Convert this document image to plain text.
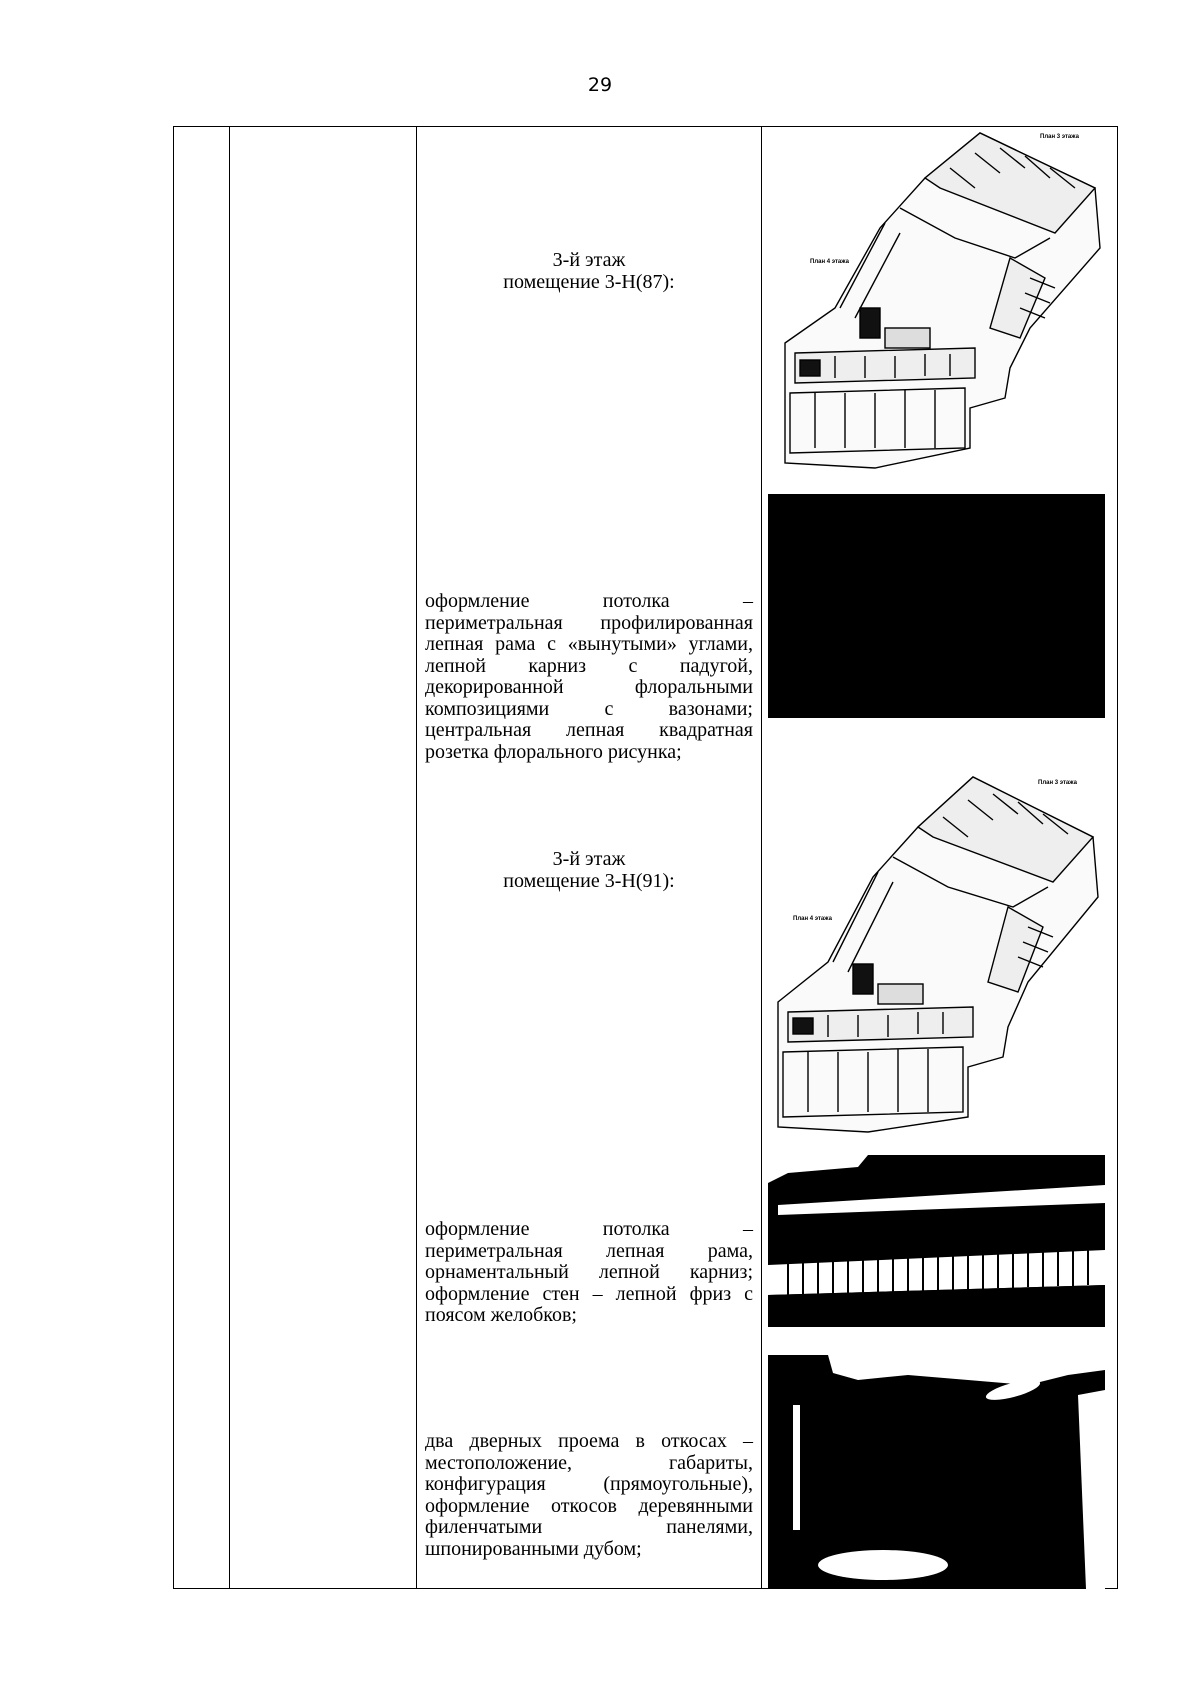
29
3-й этаж
помещение 3-Н(87):
План 3 этажа
План 4 этажа
оформление потолка – периметральная профилированная лепная рама с «вынутыми» углами, лепной карниз с падугой, декорированной флоральными композициями с вазонами; центральная лепная квадратная розетка флорального рисунка;
3-й этаж
помещение 3-Н(91):
План 3 этажа
План 4 этажа
оформление потолка – периметральная лепная рама, орнаментальный лепной карниз; оформление стен – лепной фриз с поясом желобков;
два дверных проема в откосах – местоположение, габариты, конфигурация (прямоугольные), оформление откосов деревянными филенчатыми панелями, шпонированными дубом;
